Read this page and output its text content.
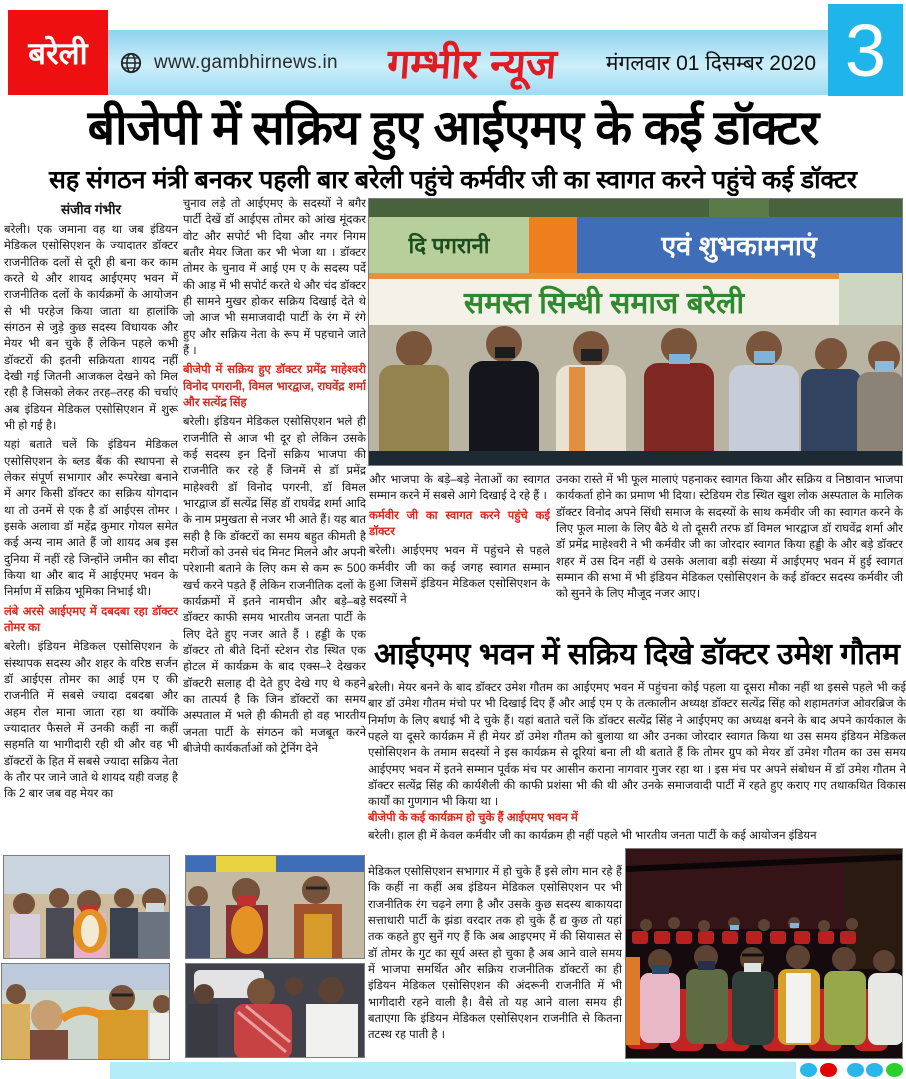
बरेली	www.gambhirnews.in	गम्भीर न्यूज	मंगलवार 01 दिसम्बर 2020 3
बीजेपी में सक्रिय हुए आईएमए के कई डॉक्टर
सह संगठन मंत्री बनकर पहली बार बरेली पहुंचे कर्मवीर जी का स्वागत करने पहुंचे कई डॉक्टर

संजीव गंभीर

बरेली। एक जमाना वह था जब इंडियन मेडिकल एसोसिएशन के ज्यादातर डॉक्टर राजनीतिक दलों से दूरी ही बना कर काम करते थे और शायद आईएमए भवन में राजनीतिक दलों के कार्यक्रमों के आयोजन से भी परहेज किया जाता था हालांकि संगठन से जुड़े कुछ सदस्य विधायक और मेयर भी बन चुके हैं लेकिन पहले कभी डॉक्टरों की इतनी सक्रियता शायद नहीं देखी गई जितनी आजकल देखने को मिल रही है जिसको लेकर तरह–तरह की चर्चाएं अब इंडियन मेडिकल एसोसिएशन में शुरू भी हो गई है।

यहां बताते चलें कि इंडियन मेडिकल एसोसिएशन के ब्लड बैंक की स्थापना से लेकर संपूर्ण सभागार और रूपरेखा बनाने में अगर किसी डॉक्टर का सक्रिय योगदान था तो उनमें से एक है डॉ आईएस तोमर । इसके अलावा डॉ महेंद्र कुमार गोयल समेत कई अन्य नाम आते हैं जो शायद अब इस दुनिया में नहीं रहे जिन्होंने जमीन का सौदा किया था और बाद में आईएमए भवन के निर्माण में सक्रिय भूमिका निभाई थी।

लंबे अरसे आईएमए में दबदबा रहा डॉक्टर तोमर का

बरेली। इंडियन मेडिकल एसोसिएशन के संस्थापक सदस्य और शहर के वरिष्ठ सर्जन डॉ आईएस तोमर का आई एम ए की राजनीति में सबसे ज्यादा दबदबा और अहम रोल माना जाता रहा था क्योंकि ज्यादातर फैसले में उनकी कहीं ना कहीं सहमति या भागीदारी रही थी और वह भी डॉक्टरों के हित में सबसे ज्यादा सक्रिय नेता के तौर पर जाने जाते थे शायद यही वजह है कि 2 बार जब वह मेयर का

चुनाव लड़े तो आईएमए के सदस्यों ने बगैर पार्टी देखें डॉ आईएस तोमर को आंख मूंदकर वोट और सपोर्ट भी दिया और नगर निगम बतौर मेयर जिता कर भी भेजा था । डॉक्टर तोमर के चुनाव में आई एम ए के सदस्य पर्दे की आड़ में भी सपोर्ट करते थे और चंद डॉक्टर ही सामने मुखर होकर सक्रिय दिखाई देते थे जो आज भी समाजवादी पार्टी के रंग में रंगे हुए और सक्रिय नेता के रूप में पहचाने जाते हैं ।

बीजेपी में सक्रिय हुए डॉक्टर प्रमेंद्र माहेश्वरी विनोद पगरानी, विमल भारद्वाज, राघवेंद्र शर्मा और सत्येंद्र सिंह

बरेली। इंडियन मेडिकल एसोसिएशन भले ही राजनीति से आज भी दूर हो लेकिन उसके कई सदस्य इन दिनों सक्रिय भाजपा की राजनीति कर रहे हैं जिनमें से डॉ प्रमेंद्र माहेश्वरी डॉ विनोद पगरनी, डॉ विमल भारद्वाज डॉ सत्येंद्र सिंह डॉ राघवेंद्र शर्मा आदि के नाम प्रमुखता से नजर भी आते हैं। यह बात सही है कि डॉक्टरों का समय बहुत कीमती है मरीजों को उनसे चंद मिनट मिलने और अपनी परेशानी बताने के लिए कम से कम रू 500 खर्च करने पड़ते हैं लेकिन राजनीतिक दलों के कार्यक्रमों में इतने नामचीन और बड़े–बड़े डॉक्टर काफी समय भारतीय जनता पार्टी के लिए देते हुए नजर आते हैं । हड्डी के एक डॉक्टर तो बीते दिनों स्टेशन रोड स्थित एक होटल में कार्यक्रम के बाद एक्स–रे देखकर डॉक्टरी सलाह दी देते हुए देखे गए थे कहने का तात्पर्य है कि जिन डॉक्टरों का समय अस्पताल में भले ही कीमती हो वह भारतीय जनता पार्टी के संगठन को मजबूत करने बीजेपी कार्यकर्ताओं को ट्रेनिंग देने

दि पगरानी	एवं शुभकामनाएं
समस्त सिन्धी समाज बरेली

और भाजपा के बड़े–बड़े नेताओं का स्वागत सम्मान करने में सबसे आगे दिखाई दे रहे हैं ।

कर्मवीर जी का स्वागत करने पहुंचे कई डॉक्टर

बरेली। आईएमए भवन में पहुंचने से पहले कर्मवीर जी का कई जगह स्वागत सम्मान हुआ जिसमें इंडियन मेडिकल एसोसिएशन के सदस्यों ने

उनका रास्ते में भी फूल मालाएं पहनाकर स्वागत किया और सक्रिय व निष्ठावान भाजपा कार्यकर्ता होने का प्रमाण भी दिया। स्टेडियम रोड स्थित खुश लोक अस्पताल के मालिक डॉक्टर विनोद अपने सिंधी समाज के सदस्यों के साथ कर्मवीर जी का स्वागत करने के लिए फूल माला के लिए बैठे थे तो दूसरी तरफ डॉ विमल भारद्वाज डॉ राघवेंद्र शर्मा और डॉ प्रमेंद्र माहेश्वरी ने भी कर्मवीर जी का जोरदार स्वागत किया हड्डी के और बड़े डॉक्टर शहर में उस दिन नहीं थे उसके अलावा बड़ी संख्या में आईएमए भवन में हुई स्वागत सम्मान की सभा में भी इंडियन मेडिकल एसोसिएशन के कई डॉक्टर सदस्य कर्मवीर जी को सुनने के लिए मौजूद नजर आए।

आईएमए भवन में सक्रिय दिखे डॉक्टर उमेश गौतम

बरेली। मेयर बनने के बाद डॉक्टर उमेश गौतम का आईएमए भवन में पहुंचना कोई पहला या दूसरा मौका नहीं था इससे पहले भी कई बार डॉ उमेश गौतम मंचो पर भी दिखाई दिए हैं और आई एम ए के तत्कालीन अध्यक्ष डॉक्टर सत्येंद्र सिंह को शहामतगंज ओवरब्रिज के निर्माण के लिए बधाई भी दे चुके हैं। यहां बताते चलें कि डॉक्टर सत्येंद्र सिंह ने आईएमए का अध्यक्ष बनने के बाद अपने कार्यकाल के पहले या दूसरे कार्यक्रम में ही मेयर डॉ उमेश गौतम को बुलाया था और उनका जोरदार स्वागत किया था उस समय इंडियन मेडिकल एसोसिएशन के तमाम सदस्यों ने इस कार्यक्रम से दूरियां बना ली थी बताते हैं कि तोमर ग्रुप को मेयर डॉ उमेश गौतम का उस समय आईएमए भवन में इतने सम्मान पूर्वक मंच पर आसीन कराना नागवार गुजर रहा था । इस मंच पर अपने संबोधन में डॉ उमेश गौतम ने डॉक्टर सत्येंद्र सिंह की कार्यशैली की काफी प्रशंसा भी की थी और उनके समाजवादी पार्टी में रहते हुए कराए गए तथाकथित विकास कार्यों का गुणगान भी किया था ।

बीजेपी के कई कार्यक्रम हो चुके हैं आईएमए भवन में

बरेली। हाल ही में केवल कर्मवीर जी का कार्यक्रम ही नहीं पहले भी भारतीय जनता पार्टी के कई आयोजन इंडियन

मेडिकल एसोसिएशन सभागार में हो चुके हैं इसे लोग मान रहे हैं कि कहीं ना कहीं अब इंडियन मेडिकल एसोसिएशन पर भी राजनीतिक रंग चढ़ने लगा है और उसके कुछ सदस्य बाकायदा सत्ताधारी पार्टी के झंडा वरदार तक हो चुके हैं द्य कुछ तो यहां तक कहते हुए सुनें गए हैं कि अब आइएमए में की सियासत से डॉ तोमर के गुट का सूर्य अस्त हो चुका है अब आने वाले समय में भाजपा समर्थित और सक्रिय राजनीतिक डॉक्टरों का ही इंडियन मेडिकल एसोसिएशन की अंदरूनी राजनीति में भी भागीदारी रहने वाली है। वैसे तो यह आने वाला समय ही बताएगा कि इंडियन मेडिकल एसोसिएशन राजनीति से कितना तटस्थ रह पाती है ।
